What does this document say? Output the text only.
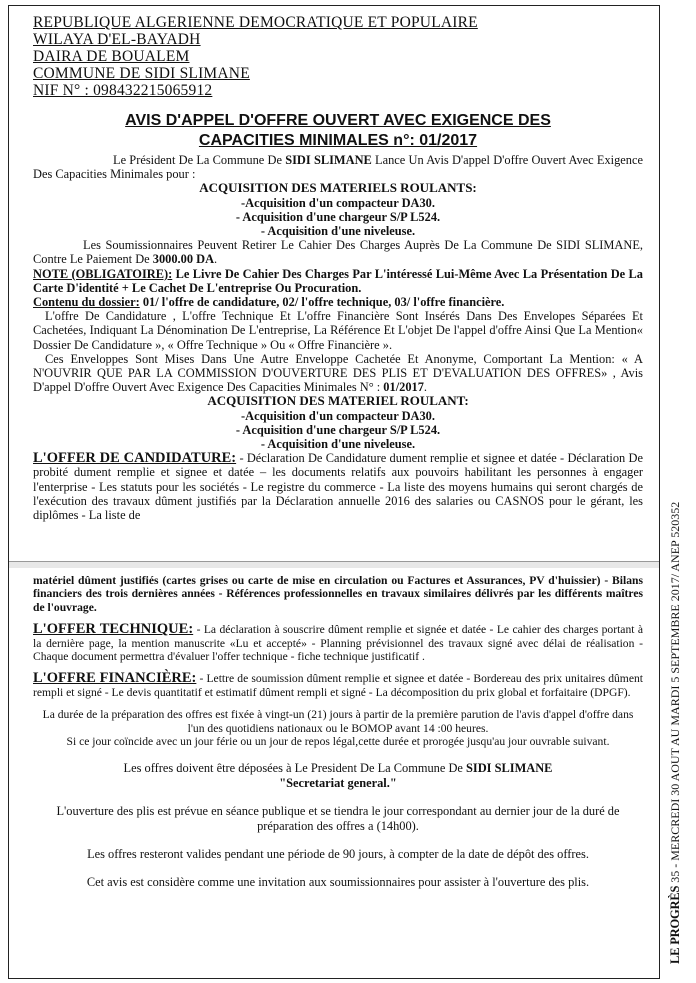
REPUBLIQUE ALGERIENNE DEMOCRATIQUE ET POPULAIRE

WILAYA D'EL-BAYADH

DAIRA DE BOUALEM

COMMUNE DE SIDI SLIMANE

NIF N° : 098432215065912

AVIS D'APPEL D'OFFRE OUVERT AVEC EXIGENCE DES
CAPACITIES MINIMALES n°: 01/2017

Le Président De La Commune De SIDI SLIMANE Lance Un Avis D'appel D'offre Ouvert Avec Exigence Des Capacities Minimales pour :

ACQUISITION DES MATERIELS ROULANTS:

-Acquisition d'un compacteur DA30.

- Acquisition d'une chargeur S/P L524.

- Acquisition d'une niveleuse.

Les Soumissionnaires Peuvent Retirer Le Cahier Des Charges Auprès De La Commune De SIDI SLIMANE, Contre Le Paiement De 3000.00 DA.

NOTE (OBLIGATOIRE): Le Livre De Cahier Des Charges Par L'intéressé Lui-Même Avec La Présentation De La Carte D'identité + Le Cachet De L'entreprise Ou Procuration.

Contenu du dossier: 01/ l'offre de candidature, 02/ l'offre technique, 03/ l'offre financière.

L'offre De Candidature , L'offre Technique Et L'offre Financière Sont Insérés Dans Des Envelopes Séparées Et Cachetées, Indiquant La Dénomination De L'entreprise, La Référence Et L'objet De l'appel d'offre Ainsi Que La Mention« Dossier De Candidature », « Offre Technique » Ou « Offre Financière ».

Ces Enveloppes Sont Mises Dans Une Autre Enveloppe Cachetée Et Anonyme, Comportant La Mention: « A N'OUVRIR QUE PAR LA COMMISSION D'OUVERTURE DES PLIS ET D'EVALUATION DES OFFRES» , Avis D'appel D'offre Ouvert Avec Exigence Des Capacities Minimales N° : 01/2017.

ACQUISITION DES MATERIEL ROULANT:

-Acquisition d'un compacteur DA30.

- Acquisition d'une chargeur S/P L524.

- Acquisition d'une niveleuse.

L'OFFER DE CANDIDATURE: - Déclaration De Candidature dument remplie et signee et datée - Déclaration De probité dument remplie et signee et datée – les documents relatifs aux pouvoirs habilitant les personnes à engager l'enterprise - Les statuts pour les sociétés - Le registre du commerce - La liste des moyens humains qui seront chargés de l'exécution des travaux dûment justifiés par la Déclaration annuelle 2016 des salaries ou CASNOS pour le gérant, les diplômes - La liste de

matériel dûment justifiés (cartes grises ou carte de mise en circulation ou Factures et Assurances, PV d'huissier) - Bilans financiers des trois dernières années - Références professionnelles en travaux similaires délivrés par les différents maîtres de l'ouvrage.

L'OFFER TECHNIQUE: - La déclaration à souscrire dûment remplie et signée et datée - Le cahier des charges portant à la dernière page, la mention manuscrite «Lu et accepté» - Planning prévisionnel des travaux signé avec délai de réalisation - Chaque document permettra d'évaluer l'offer technique - fiche technique justificatif .

L'OFFRE FINANCIÈRE: - Lettre de soumission dûment remplie et signee et datée - Bordereau des prix unitaires dûment rempli et signé - Le devis quantitatif et estimatif dûment rempli et signé - La décomposition du prix global et forfaitaire (DPGF).

La durée de la préparation des offres est fixée à vingt-un (21) jours à partir de la première parution de l'avis d'appel d'offre dans l'un des quotidiens nationaux ou le BOMOP avant 14 :00 heures.

Si ce jour coïncide avec un jour férie ou un jour de repos légal,cette durée et prorogée jusqu'au jour ouvrable suivant.

Les offres doivent être déposées à Le President De La Commune De SIDI SLIMANE
"Secretariat general."

L'ouverture des plis est prévue en séance publique et se tiendra le jour correspondant au dernier jour de la duré de préparation des offres a (14h00).

Les offres resteront valides pendant une période de 90 jours, à compter de la date de dépôt des offres.

Cet avis est considère comme une invitation aux soumissionnaires pour assister à l'ouverture des plis.

LE PROGRÈS 35 - MERCREDI 30 AOUT AU MARDI 5 SEPTEMBRE 2017/ ANEP 520352
